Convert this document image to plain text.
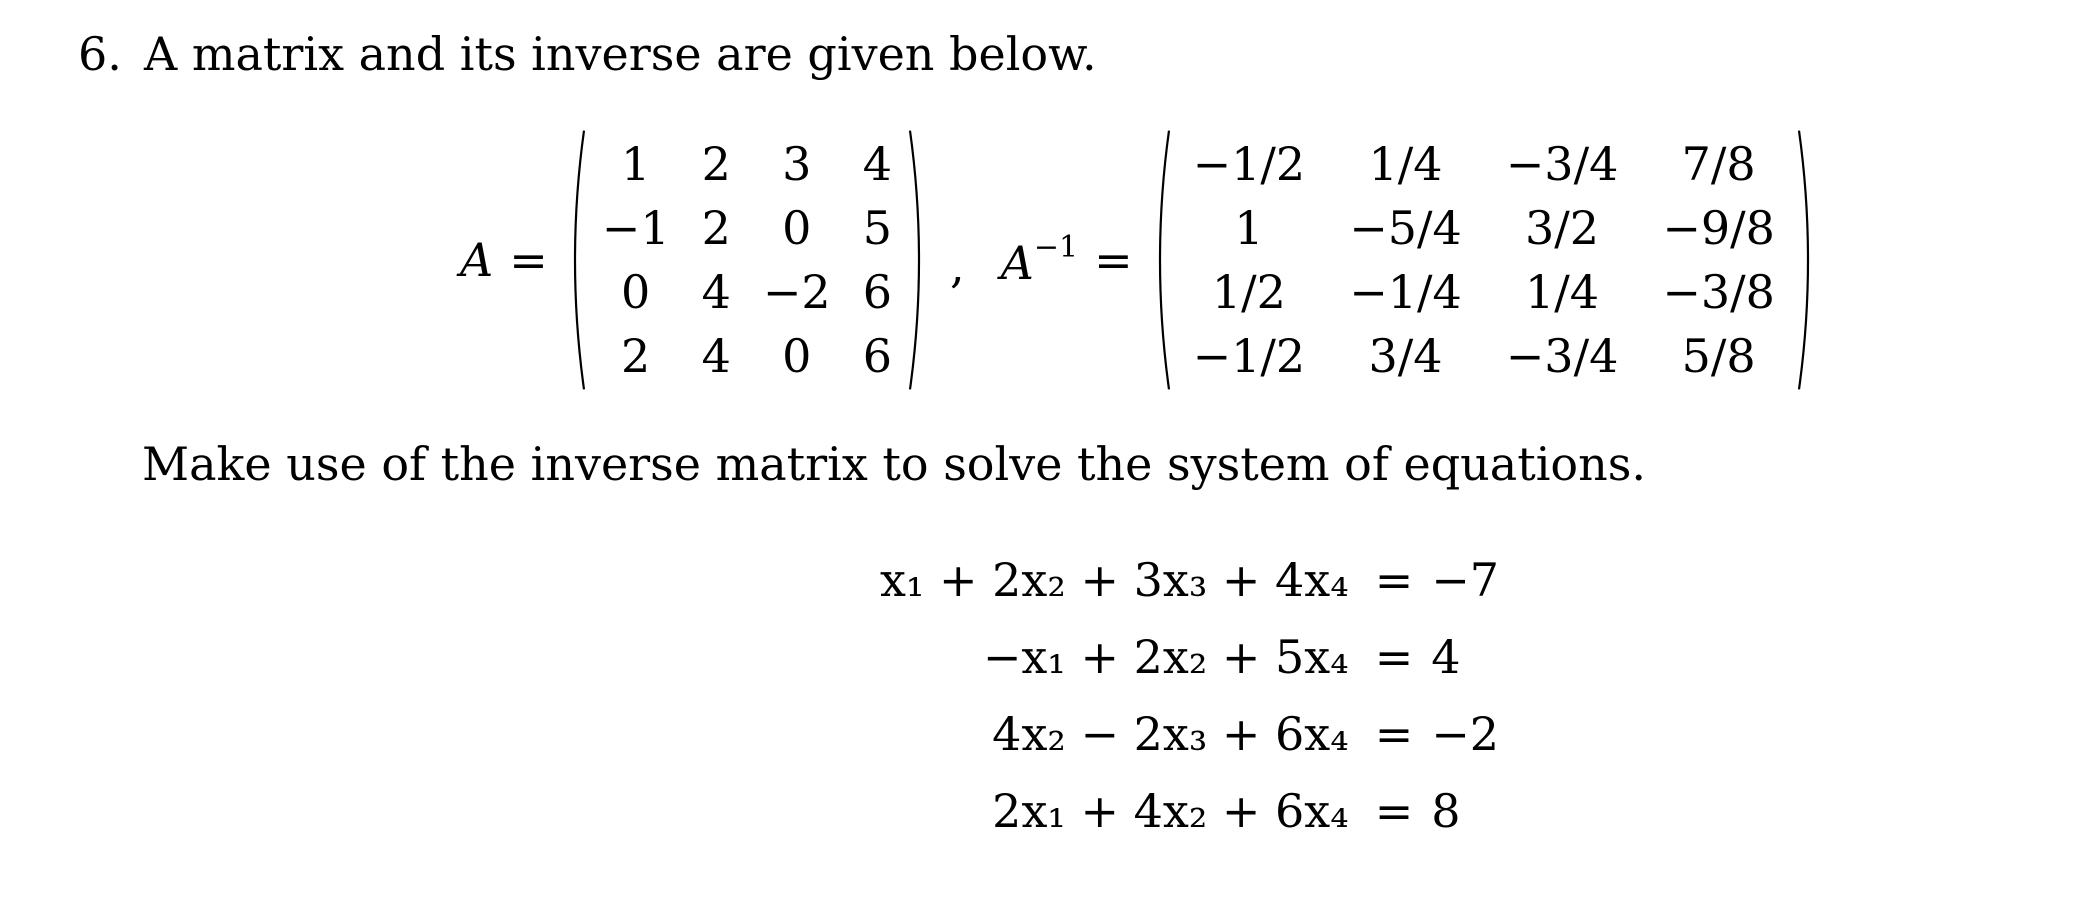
6. A matrix and its inverse are given below.
A =
1	2	3	4
−1	2	0	5
0	4	−2	6
2	4	0	6
, $A^{-1}$ =
−1/2	1/4	−3/4	7/8
1	−5/4	3/2	−9/8
1/2	−1/4	1/4	−3/8
−1/2	3/4	−3/4	5/8
Make use of the inverse matrix to solve the system of equations.
x₁ + 2x₂ + 3x₃ + 4x₄	=	−7
−x₁ + 2x₂ + 5x₄	=	4
4x₂ − 2x₃ + 6x₄	=	−2
2x₁ + 4x₂ + 6x₄	=	8
